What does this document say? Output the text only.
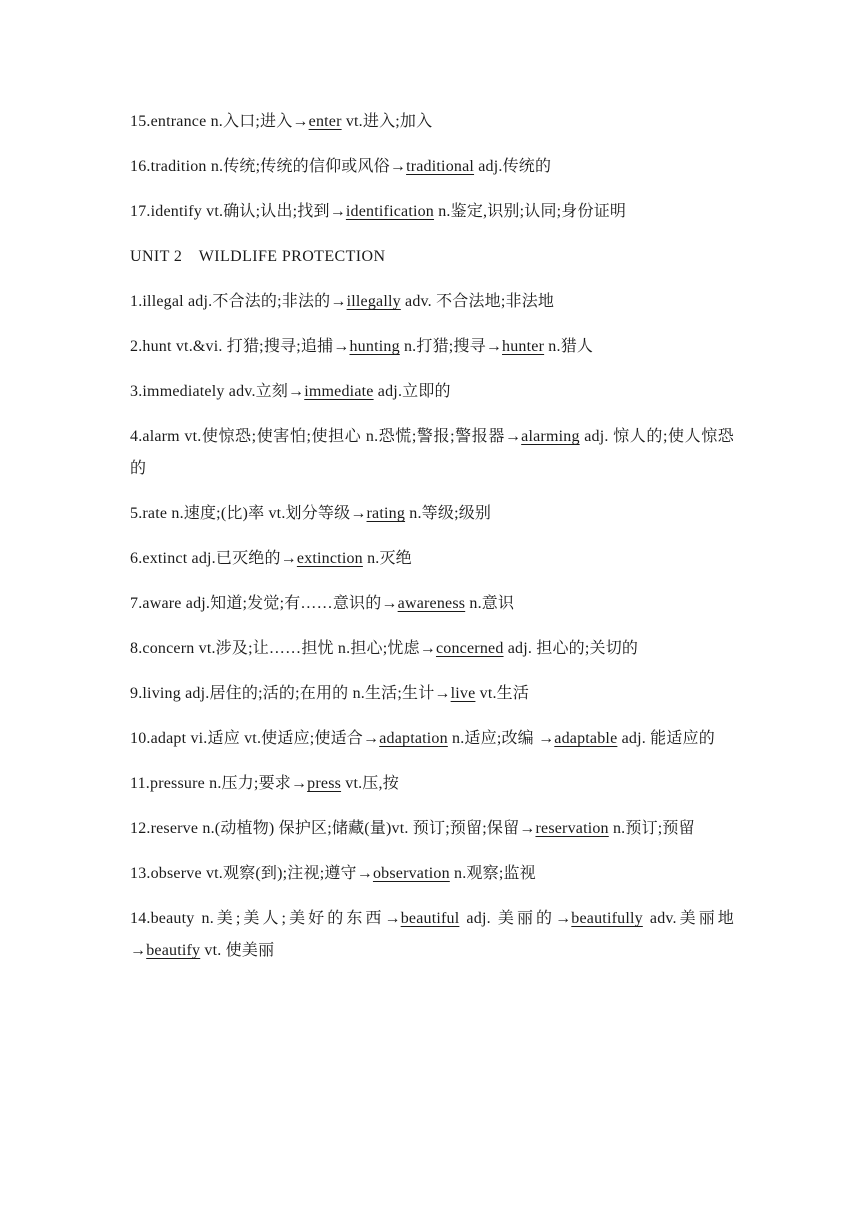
15.entrance n.入口;进入→enter vt.进入;加入
16.tradition n.传统;传统的信仰或风俗→traditional adj.传统的
17.identify vt.确认;认出;找到→identification n.鉴定,识别;认同;身份证明
UNIT 2　WILDLIFE PROTECTION
1.illegal adj.不合法的;非法的→illegally adv. 不合法地;非法地
2.hunt vt.&vi. 打猎;搜寻;追捕→hunting n.打猎;搜寻→hunter n.猎人
3.immediately adv.立刻→immediate adj.立即的
4.alarm vt.使惊恐;使害怕;使担心 n.恐慌;警报;警报器→alarming adj. 惊人的;使人惊恐的
5.rate n.速度;(比)率 vt.划分等级→rating n.等级;级别
6.extinct adj.已灭绝的→extinction n.灭绝
7.aware adj.知道;发觉;有……意识的→awareness n.意识
8.concern vt.涉及;让……担忧 n.担心;忧虑→concerned adj. 担心的;关切的
9.living adj.居住的;活的;在用的 n.生活;生计→live vt.生活
10.adapt vi.适应 vt.使适应;使适合→adaptation n.适应;改编 →adaptable adj. 能适应的
11.pressure n.压力;要求→press vt.压,按
12.reserve n.(动植物) 保护区;储藏(量)vt. 预订;预留;保留→reservation n.预订;预留
13.observe vt.观察(到);注视;遵守→observation n.观察;监视
14.beauty n.美;美人;美好的东西→beautiful adj. 美丽的→beautifully adv.美丽地→beautify vt. 使美丽
